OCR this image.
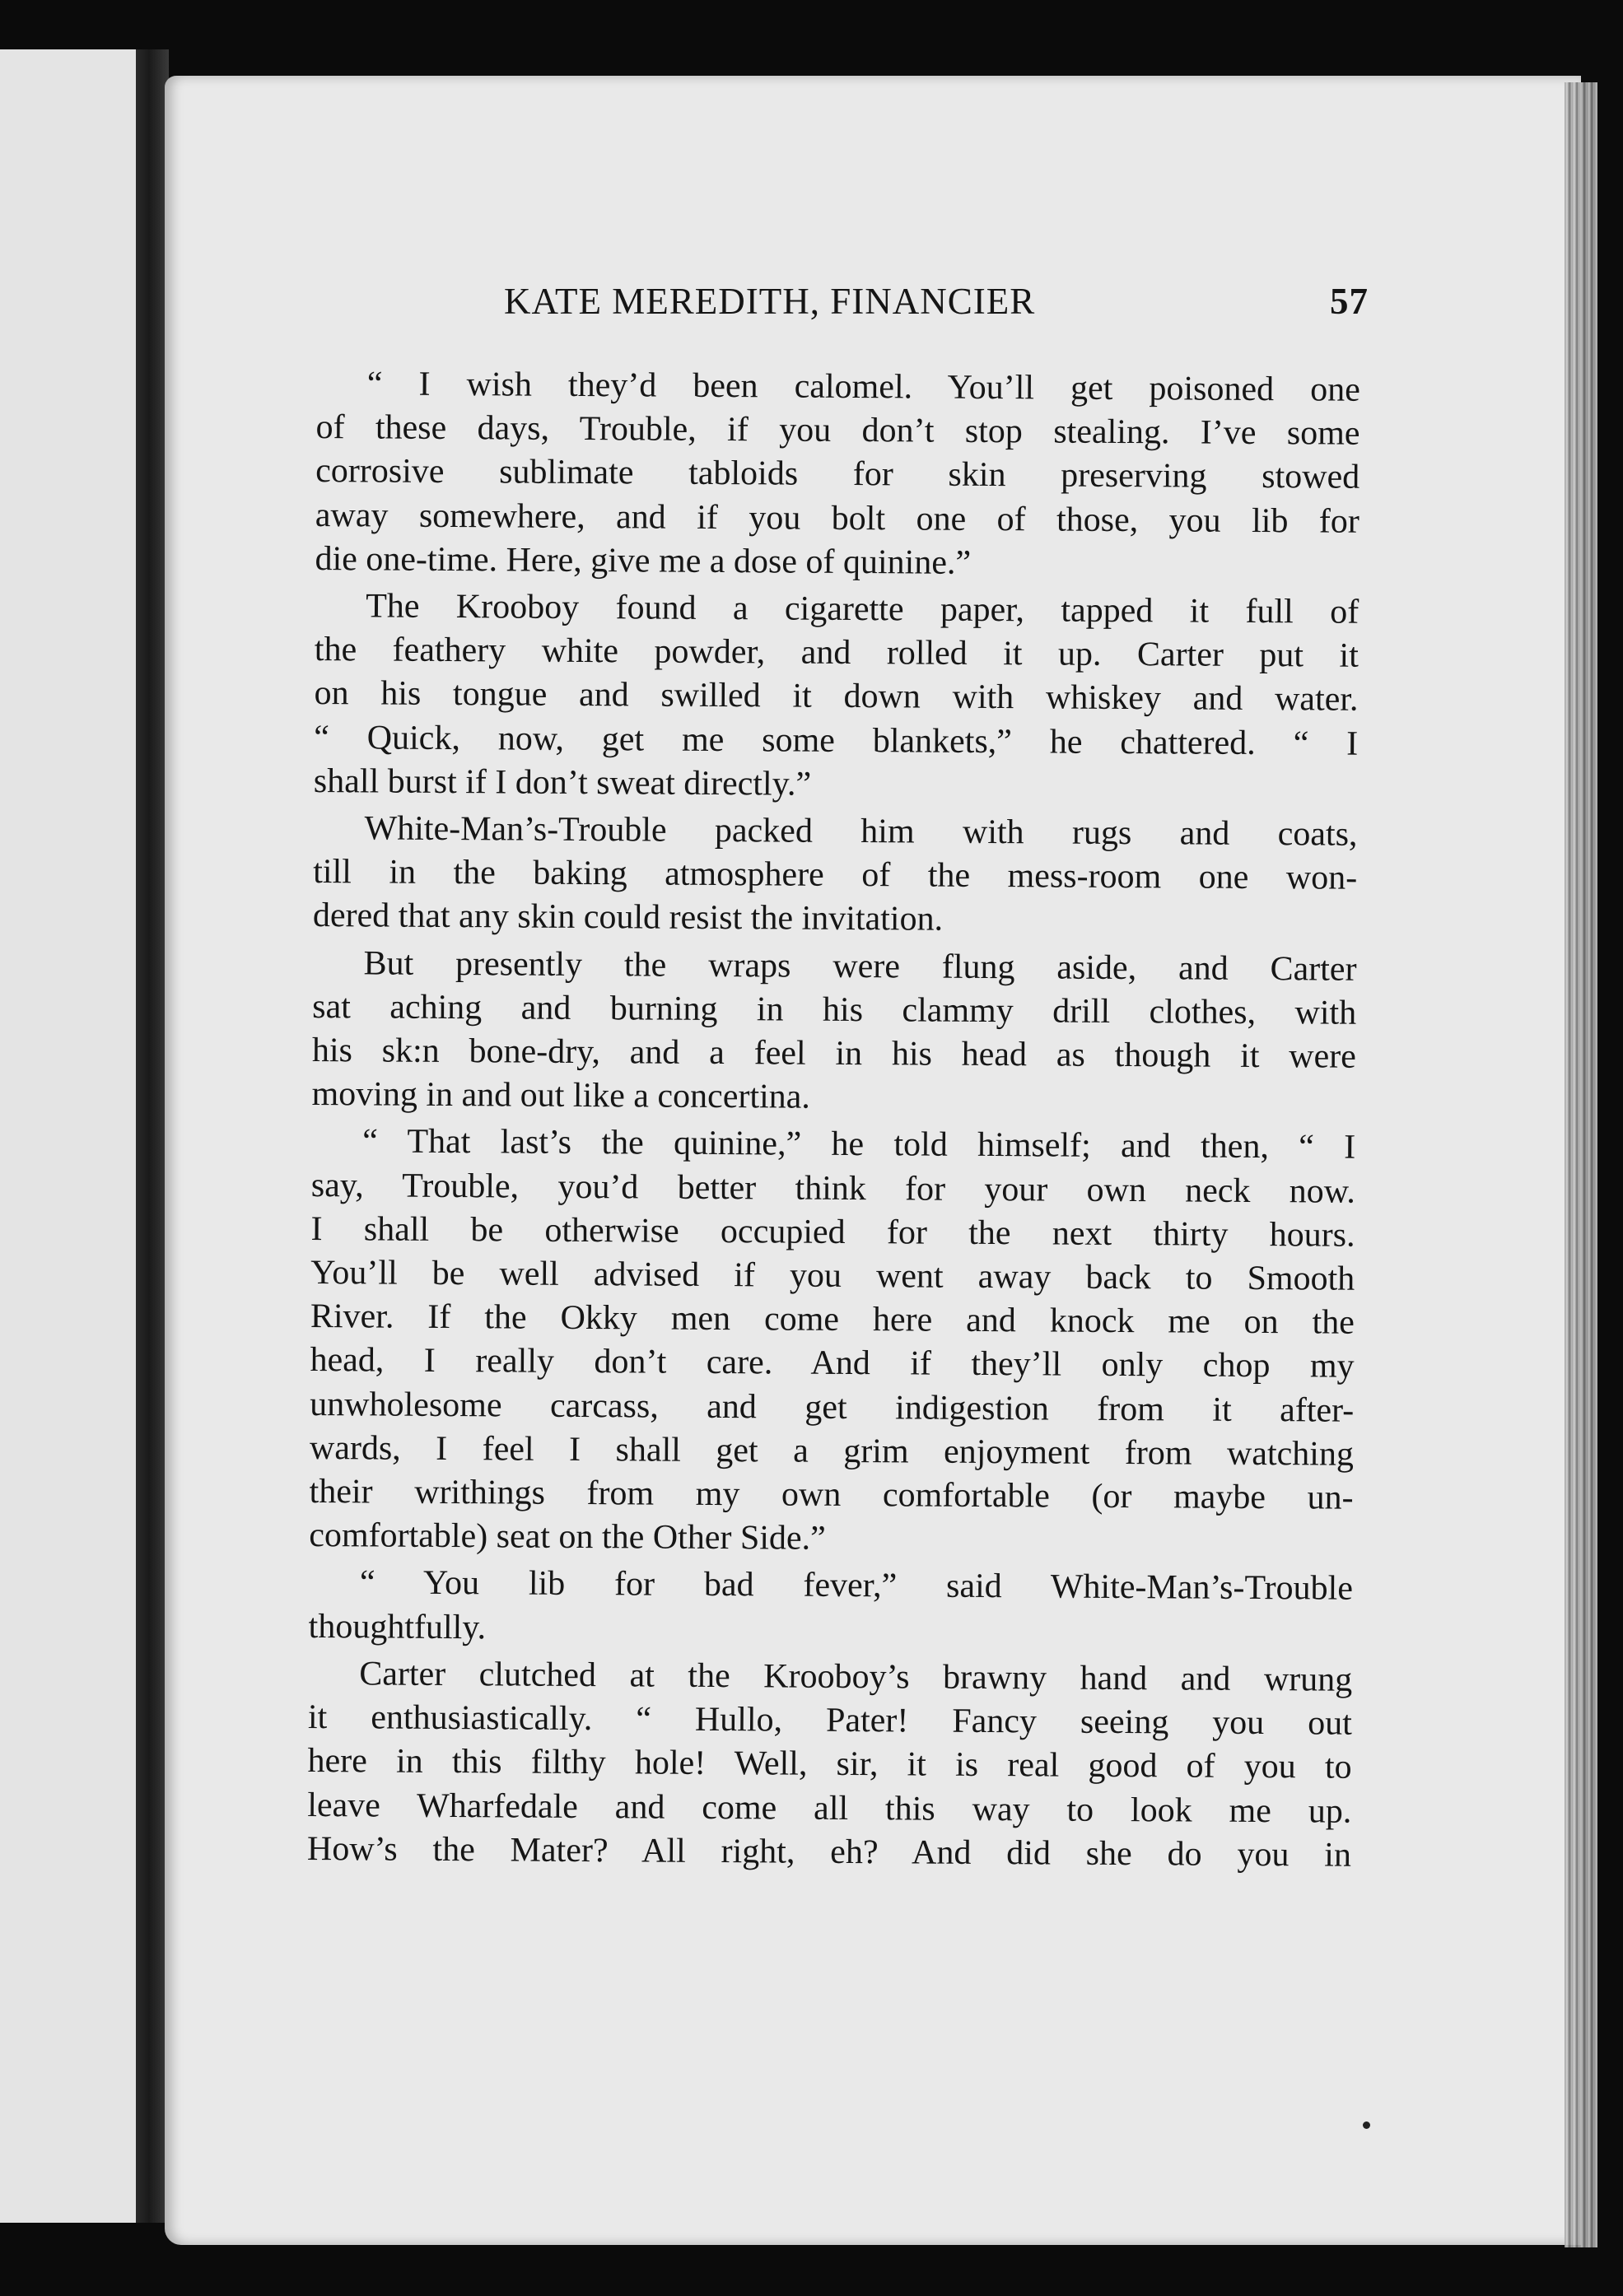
KATE MEREDITH, FINANCIER	57

“ I wish they’d been calomel. You’ll get poisoned one
of these days, Trouble, if you don’t stop stealing. I’ve some
corrosive sublimate tabloids for skin preserving stowed
away somewhere, and if you bolt one of those, you lib for
die one-time. Here, give me a dose of quinine.”

The Krooboy found a cigarette paper, tapped it full of
the feathery white powder, and rolled it up. Carter put it
on his tongue and swilled it down with whiskey and water.
“ Quick, now, get me some blankets,” he chattered. “ I
shall burst if I don’t sweat directly.”

White-Man’s-Trouble packed him with rugs and coats,
till in the baking atmosphere of the mess-room one won-
dered that any skin could resist the invitation.

But presently the wraps were flung aside, and Carter
sat aching and burning in his clammy drill clothes, with
his sk:n bone-dry, and a feel in his head as though it were
moving in and out like a concertina.

“ That last’s the quinine,” he told himself; and then, “ I
say, Trouble, you’d better think for your own neck now.
I shall be otherwise occupied for the next thirty hours.
You’ll be well advised if you went away back to Smooth
River. If the Okky men come here and knock me on the
head, I really don’t care. And if they’ll only chop my
unwholesome carcass, and get indigestion from it after-
wards, I feel I shall get a grim enjoyment from watching
their writhings from my own comfortable (or maybe un-
comfortable) seat on the Other Side.”

“ You lib for bad fever,” said White-Man’s-Trouble
thoughtfully.

Carter clutched at the Krooboy’s brawny hand and wrung
it enthusiastically. “ Hullo, Pater! Fancy seeing you out
here in this filthy hole! Well, sir, it is real good of you to
leave Wharfedale and come all this way to look me up.
How’s the Mater? All right, eh? And did she do you in
